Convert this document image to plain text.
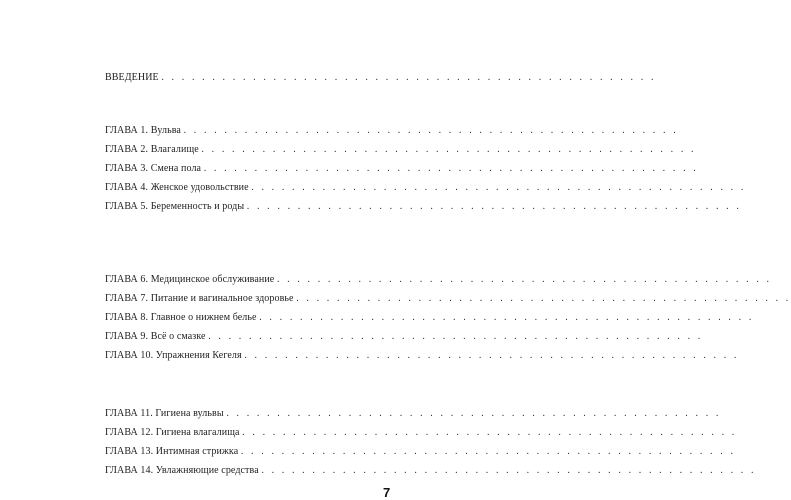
ВВЕДЕНИЕ . . . . . . . . . . . . . . . . . . . . . . . . . . . . . . . . . . . . . . . . . . . . . . . . .
ГЛАВА 1. Вульва . . . . . . . . . . . . . . . . . . . . . . . . . . . . . . . . . . . . . . . . . . . . . . . . .
ГЛАВА 2. Влагалище . . . . . . . . . . . . . . . . . . . . . . . . . . . . . . . . . . . . . . . . . . . . . . . . .
ГЛАВА 3. Смена пола . . . . . . . . . . . . . . . . . . . . . . . . . . . . . . . . . . . . . . . . . . . . . . . . .
ГЛАВА 4. Женское удовольствие . . . . . . . . . . . . . . . . . . . . . . . . . . . . . . . . . . . . . . . . . . . . . . . . .
ГЛАВА 5. Беременность и роды . . . . . . . . . . . . . . . . . . . . . . . . . . . . . . . . . . . . . . . . . . . . . . . . .
ГЛАВА 6. Медицинское обслуживание . . . . . . . . . . . . . . . . . . . . . . . . . . . . . . . . . . . . . . . . . . . . . . . . .
ГЛАВА 7. Питание и вагинальное здоровье . . . . . . . . . . . . . . . . . . . . . . . . . . . . . . . . . . . . . . . . . . . . . . . . .
ГЛАВА 8. Главное о нижнем белье . . . . . . . . . . . . . . . . . . . . . . . . . . . . . . . . . . . . . . . . . . . . . . . . .
ГЛАВА 9. Всё о смазке . . . . . . . . . . . . . . . . . . . . . . . . . . . . . . . . . . . . . . . . . . . . . . . . .
ГЛАВА 10. Упражнения Кегеля . . . . . . . . . . . . . . . . . . . . . . . . . . . . . . . . . . . . . . . . . . . . . . . . .
ГЛАВА 11. Гигиена вульвы . . . . . . . . . . . . . . . . . . . . . . . . . . . . . . . . . . . . . . . . . . . . . . . . .
ГЛАВА 12. Гигиена влагалища . . . . . . . . . . . . . . . . . . . . . . . . . . . . . . . . . . . . . . . . . . . . . . . . .
ГЛАВА 13. Интимная стрижка . . . . . . . . . . . . . . . . . . . . . . . . . . . . . . . . . . . . . . . . . . . . . . . . .
ГЛАВА 14. Увлажняющие средства . . . . . . . . . . . . . . . . . . . . . . . . . . . . . . . . . . . . . . . . . . . . . . . . .
7
